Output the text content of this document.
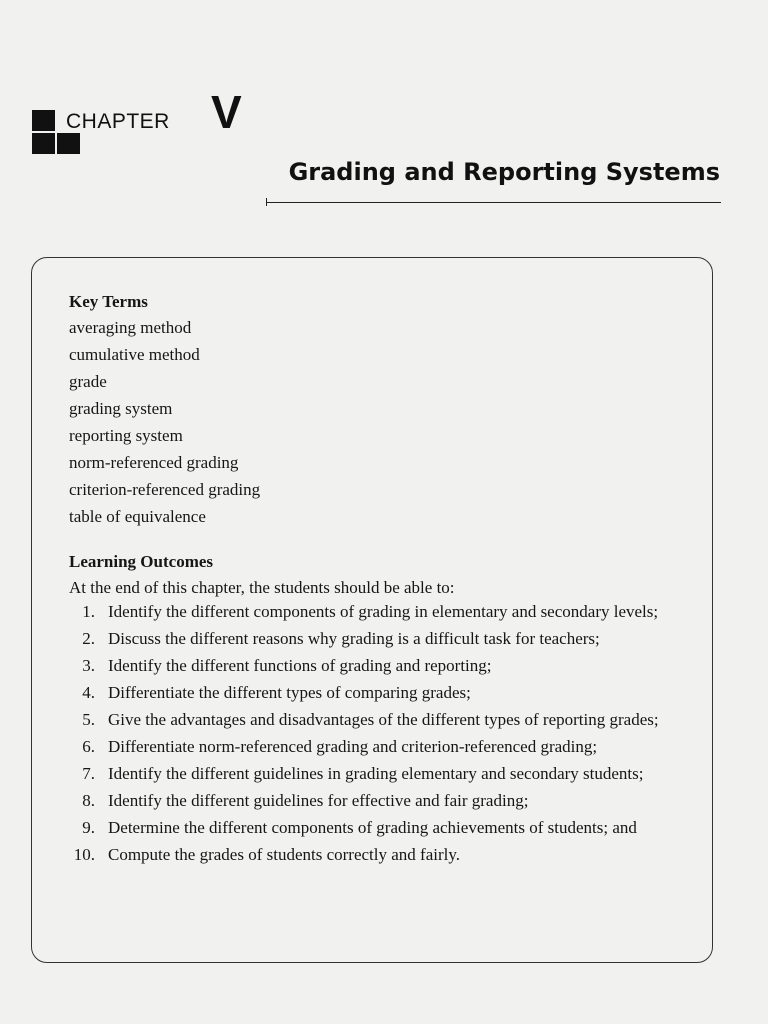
CHAPTER V
Grading and Reporting Systems

Key Terms

averaging method
cumulative method
grade
grading system
reporting system
norm-referenced grading
criterion-referenced grading
table of equivalence

Learning Outcomes

At the end of this chapter, the students should be able to:
1. Identify the different components of grading in elementary and secondary levels;
2. Discuss the different reasons why grading is a difficult task for teachers;
3. Identify the different functions of grading and reporting;
4. Differentiate the different types of comparing grades;
5. Give the advantages and disadvantages of the different types of reporting grades;
6. Differentiate norm-referenced grading and criterion-referenced grading;
7. Identify the different guidelines in grading elementary and secondary students;
8. Identify the different guidelines for effective and fair grading;
9. Determine the different components of grading achievements of students; and
10. Compute the grades of students correctly and fairly.
